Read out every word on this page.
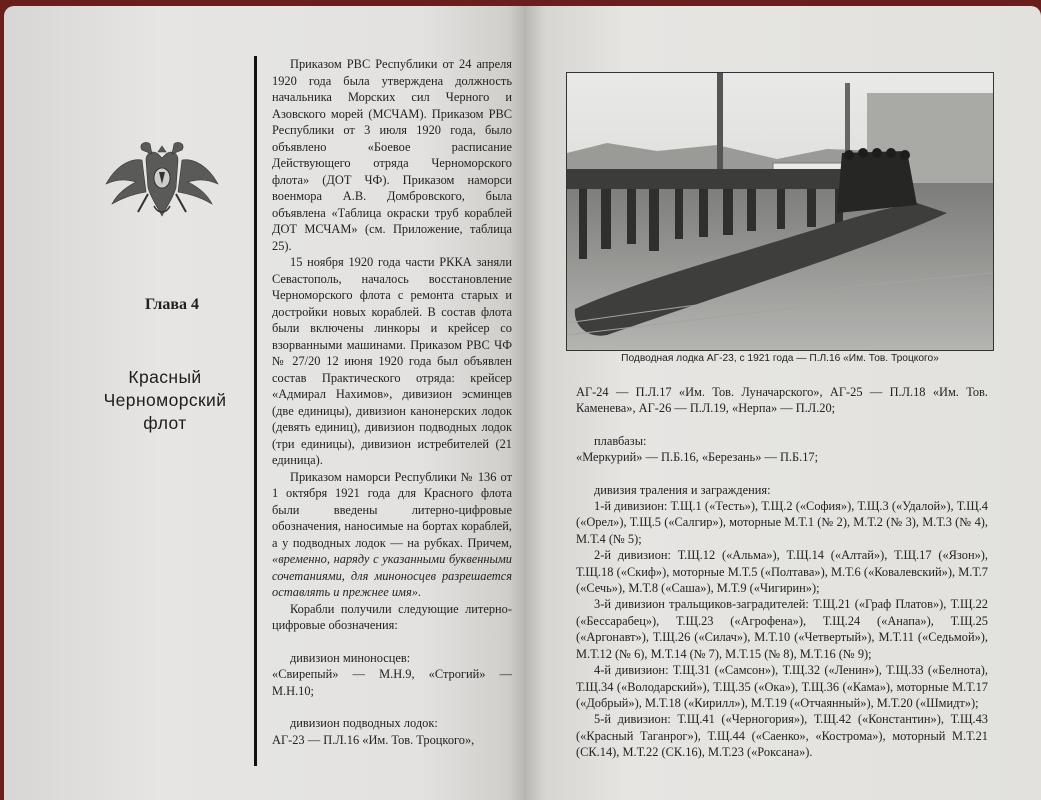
Глава 4
Красный
Черноморский
флот

Приказом РВС Республики от 24 апреля 1920 года была утверждена должность начальника Морских сил Черного и Азовского морей (МСЧАМ). Приказом РВС Республики от 3 июля 1920 года, было объявлено «Боевое расписание Действующего отряда Черноморского флота» (ДОТ ЧФ). Приказом наморси военмора А.В. Домбровского, была объявлена «Таблица окраски труб кораблей ДОТ МСЧАМ» (см. Приложение, таблица 25).

15 ноября 1920 года части РККА заняли Севастополь, началось восстановление Черноморского флота с ремонта старых и достройки новых кораблей. В состав флота были включены линкоры и крейсер со взорванными машинами. Приказом РВС ЧФ № 27/20 12 июня 1920 года был объявлен состав Практического отряда: крейсер «Адмирал Нахимов», дивизион эсминцев (две единицы), дивизион канонерских лодок (девять единиц), дивизион подводных лодок (три единицы), дивизион истребителей (21 единица).

Приказом наморси Республики № 136 от 1 октября 1921 года для Красного флота были введены литерно-цифровые обозначения, наносимые на бортах кораблей, а у подводных лодок — на рубках. Причем, «временно, наряду с указанными буквенными сочетаниями, для миноносцев разрешается оставлять и прежнее имя».

Корабли получили следующие литерно-цифровые обозначения:

дивизион миноносцев:

«Свирепый» — М.Н.9, «Строгий» — М.Н.10;

дивизион подводных лодок:

АГ-23 — П.Л.16 «Им. Тов. Троцкого»,

Подводная лодка АГ-23, с 1921 года — П.Л.16 «Им. Тов. Троцкого»

АГ-24 — П.Л.17 «Им. Тов. Луначарского», АГ-25 — П.Л.18 «Им. Тов. Каменева», АГ-26 — П.Л.19, «Нерпа» — П.Л.20;

плавбазы:

«Меркурий» — П.Б.16, «Березань» — П.Б.17;

дивизия траления и заграждения:

1-й дивизион: Т.Щ.1 («Тесть»), Т.Щ.2 («София»), Т.Щ.3 («Удалой»), Т.Щ.4 («Орел»), Т.Щ.5 («Салгир»), моторные М.Т.1 (№ 2), М.Т.2 (№ 3), М.Т.3 (№ 4), М.Т.4 (№ 5);

2-й дивизион: Т.Щ.12 («Альма»), Т.Щ.14 («Алтай»), Т.Щ.17 («Язон»), Т.Щ.18 («Скиф»), моторные М.Т.5 («Полтава»), М.Т.6 («Ковалевский»), М.Т.7 («Сечь»), М.Т.8 («Саша»), М.Т.9 («Чигирин»);

3-й дивизион тральщиков-заградителей: Т.Щ.21 («Граф Платов»), Т.Щ.22 («Бессарабец»), Т.Щ.23 («Агрофена»), Т.Щ.24 («Анапа»), Т.Щ.25 («Аргонавт»), Т.Щ.26 («Силач»), М.Т.10 («Четвертый»), М.Т.11 («Седьмой»), М.Т.12 (№ 6), М.Т.14 (№ 7), М.Т.15 (№ 8), М.Т.16 (№ 9);

4-й дивизион: Т.Щ.31 («Самсон»), Т.Щ.32 («Ленин»), Т.Щ.33 («Белнота), Т.Щ.34 («Володарский»), Т.Щ.35 («Ока»), Т.Щ.36 («Кама»), моторные М.Т.17 («Добрый»), М.Т.18 («Кирилл»), М.Т.19 («Отчаянный»), М.Т.20 («Шмидт»);

5-й дивизион: Т.Щ.41 («Черногория»), Т.Щ.42 («Константин»), Т.Щ.43 («Красный Таганрог»), Т.Щ.44 («Саенко», «Кострома»), моторный М.Т.21 (СК.14), М.Т.22 (СК.16), М.Т.23 («Роксана»).
